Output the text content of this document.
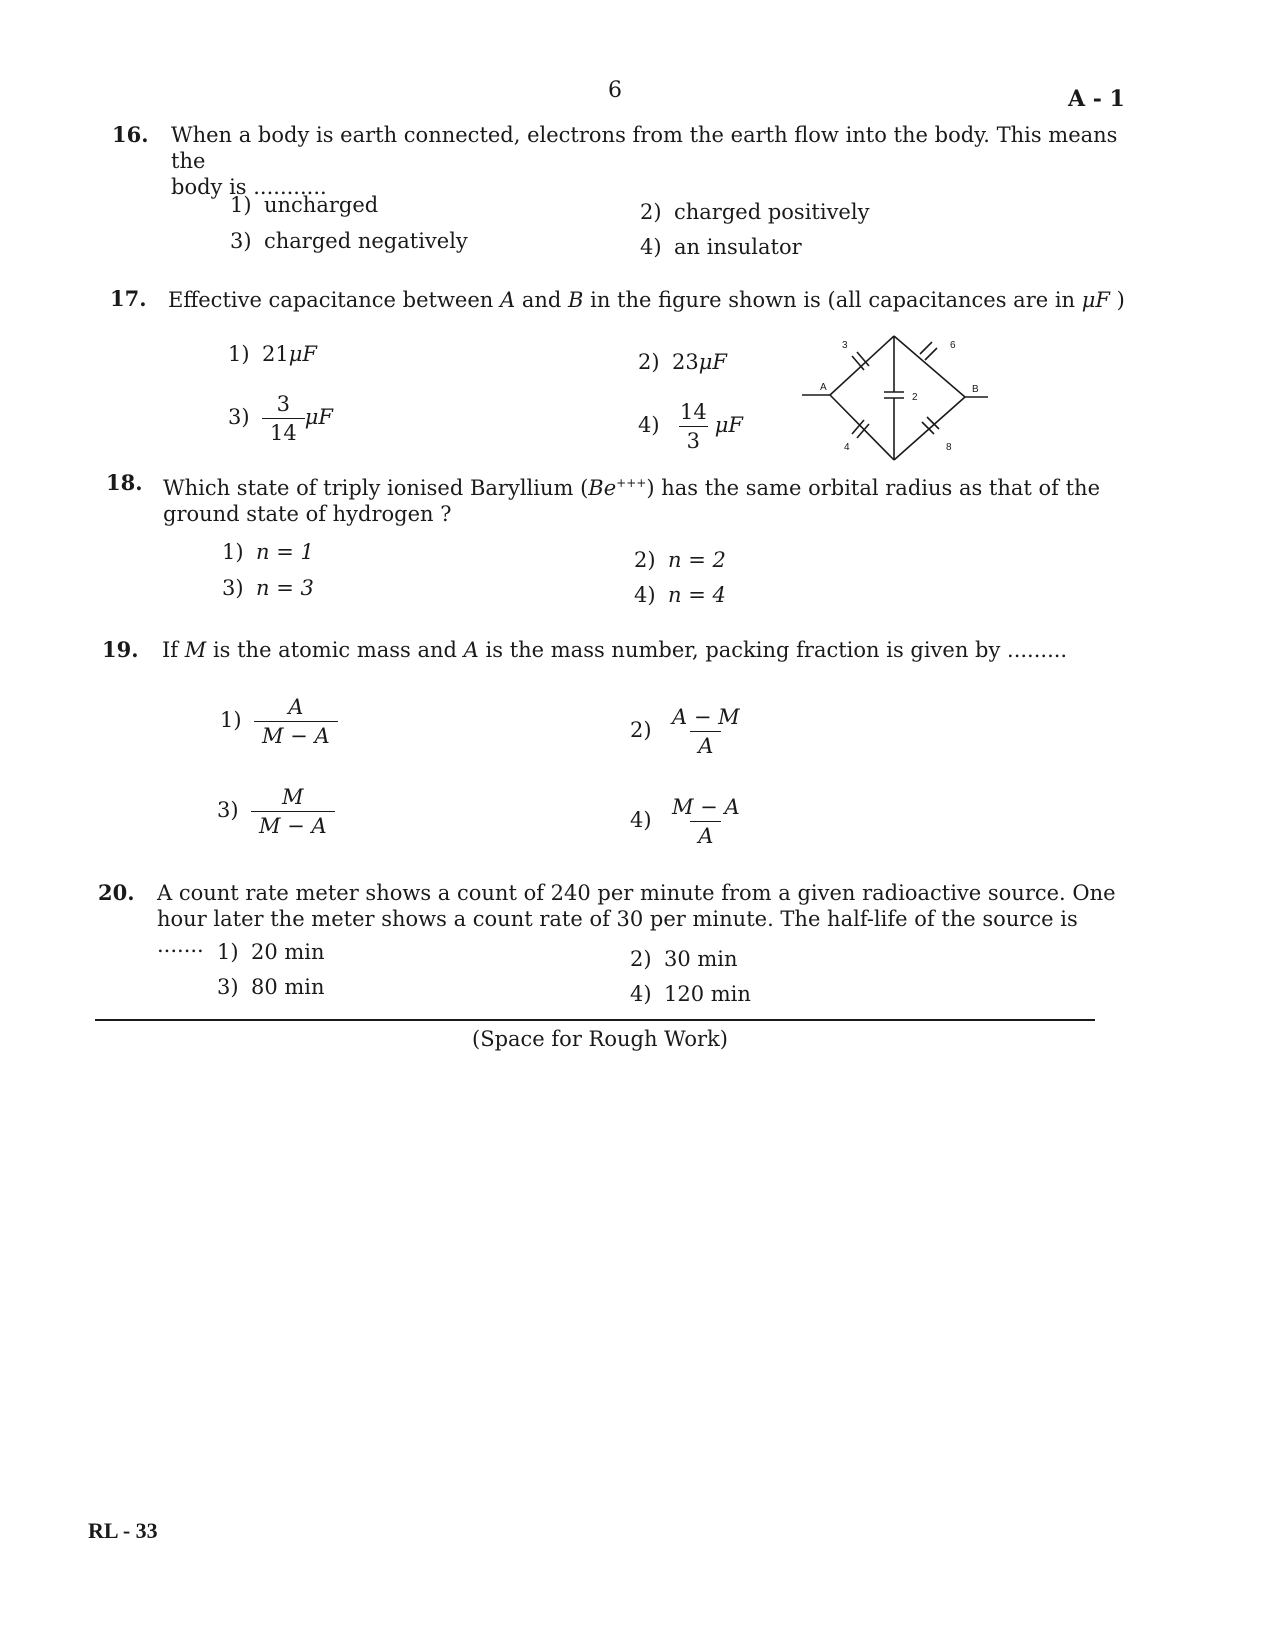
6	A - 1
16. When a body is earth connected, electrons from the earth flow into the body. This means the
body is ...........
1) uncharged	2) charged positively
3) charged negatively	4) an insulator
17. Effective capacitance between A and B in the figure shown is (all capacitances are in μF )
1) 21μF	2) 23μF
$3) \frac{3}{14}$ μF	$4) \frac{14}{3}$ μF
A	B
3	6
2
4	8
18. Which state of triply ionised Baryllium (Be+++) has the same orbital radius as that of the
ground state of hydrogen ?
1) n = 1	2) n = 2
3) n = 3	4) n = 4
19. If M is the atomic mass and A is the mass number, packing fraction is given by .........
$1) \frac{A}{M - A}$	$2) \frac{A - M}{A}$
$3) \frac{M}{M - A}$	$4) \frac{M - A}{A}$
20. A count rate meter shows a count of 240 per minute from a given radioactive source. One
hour later the meter shows a count rate of 30 per minute. The half-life of the source is ....... 1) 20 min	2) 30 min
3) 80 min	4) 120 min
(Space for Rough Work)
RL - 33
